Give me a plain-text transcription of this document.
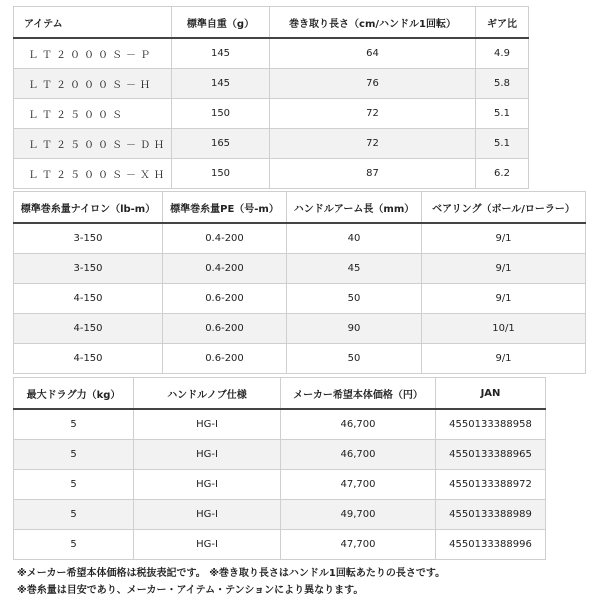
アイテム	標準自重（g）	巻き取り長さ（cm/ハンドル1回転）	ギア比
ＬＴ２０００Ｓ－Ｐ	145	64	4.9
ＬＴ２０００Ｓ－Ｈ	145	76	5.8
ＬＴ２５００Ｓ	150	72	5.1
ＬＴ２５００Ｓ－ＤＨ	165	72	5.1
ＬＴ２５００Ｓ－ＸＨ	150	87	6.2
標準巻糸量ナイロン（lb-m）	標準巻糸量PE（号-m）	ハンドルアーム長（mm）	ベアリング（ボール/ローラー）
3-150	0.4-200	40	9/1
3-150	0.4-200	45	9/1
4-150	0.6-200	50	9/1
4-150	0.6-200	90	10/1
4-150	0.6-200	50	9/1
最大ドラグ力（kg）	ハンドルノブ仕様	メーカー希望本体価格（円）	JAN
5	HG-I	46,700	4550133388958
5	HG-I	46,700	4550133388965
5	HG-I	47,700	4550133388972
5	HG-I	49,700	4550133388989
5	HG-I	47,700	4550133388996
※メーカー希望本体価格は税抜表記です。 ※巻き取り長さはハンドル1回転あたりの長さです。
※巻糸量は目安であり、メーカー・アイテム・テンションにより異なります。
